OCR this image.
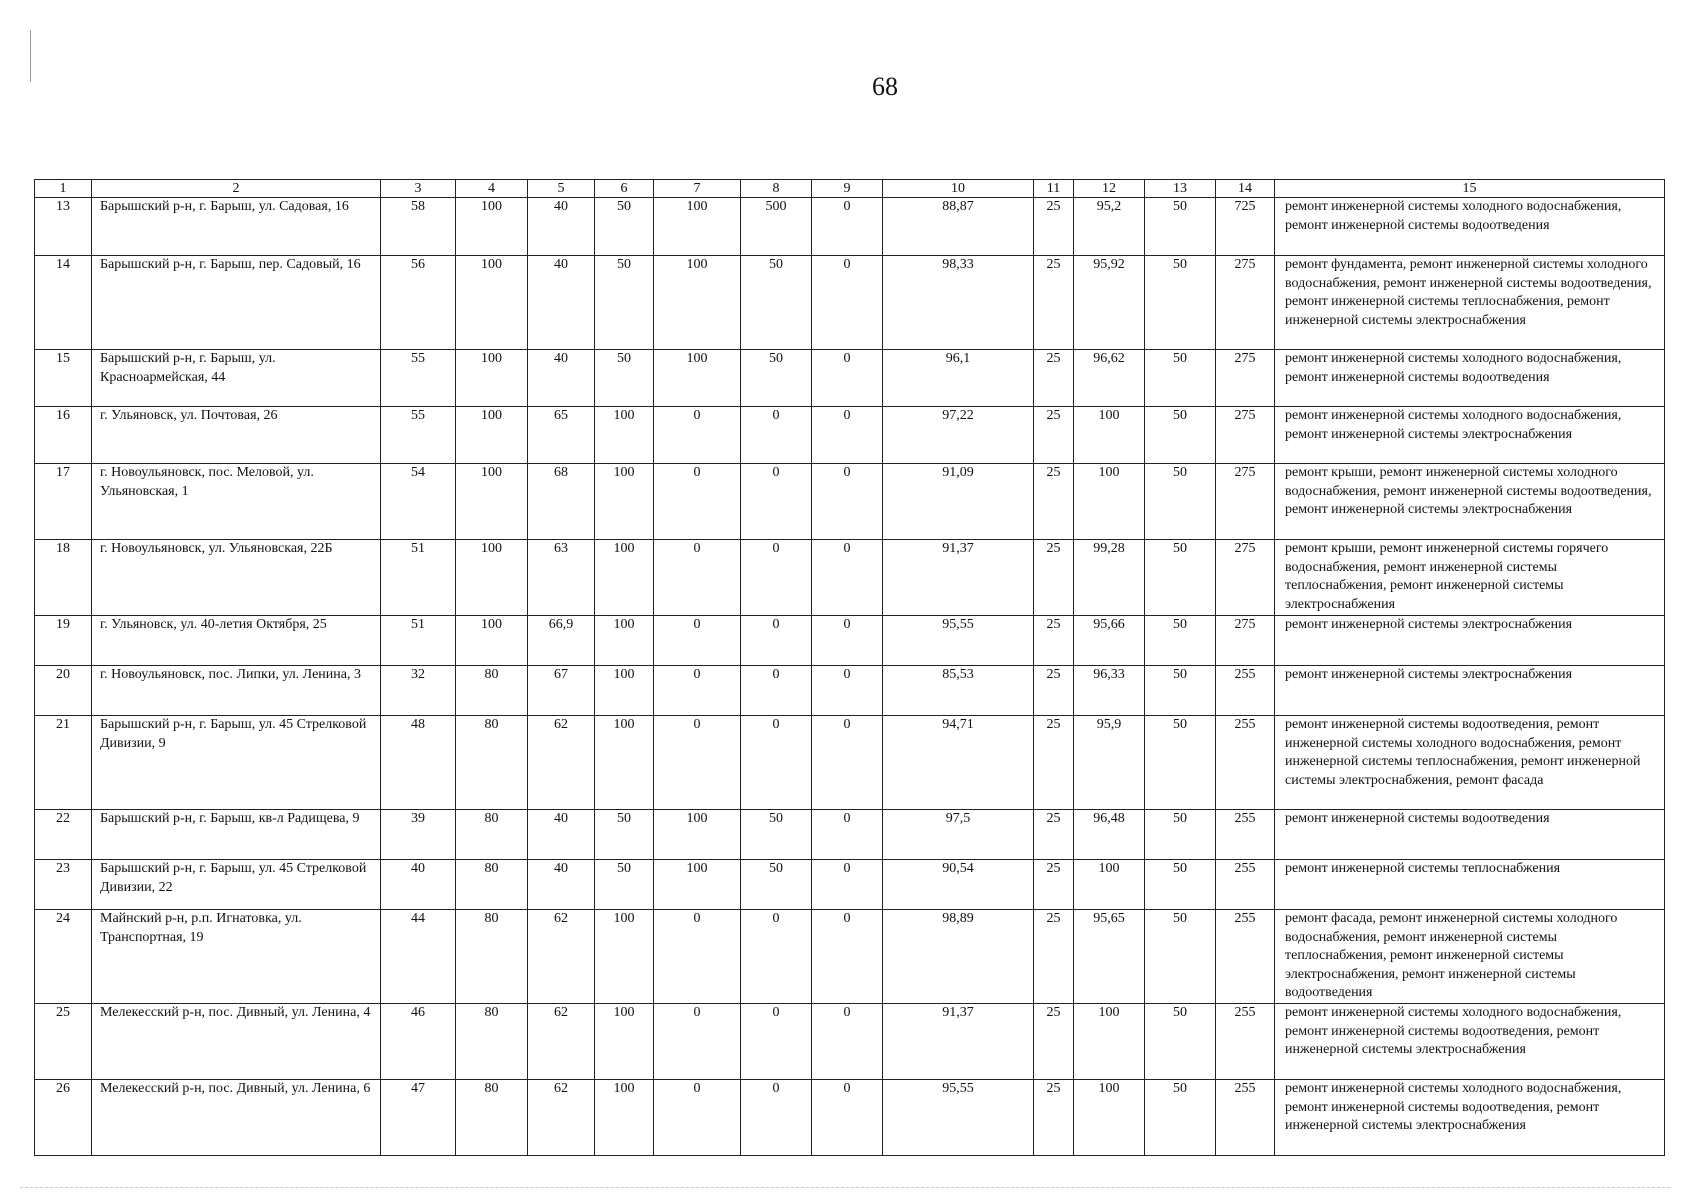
68
1	2	3	4	5	6	7	8	9	10	11	12	13	14	15
13	Барышский р-н, г. Барыш, ул. Садовая, 16	58	100	40	50	100	500	0	88,87	25	95,2	50	725	ремонт инженерной системы холодного водоснабжения, ремонт инженерной системы водоотведения
14	Барышский р-н, г. Барыш, пер. Садовый, 16	56	100	40	50	100	50	0	98,33	25	95,92	50	275	ремонт фундамента, ремонт инженерной системы холодного водоснабжения, ремонт инженерной системы водоотведения, ремонт инженерной системы теплоснабжения, ремонт инженерной системы электроснабжения
15	Барышский р-н, г. Барыш, ул. Красноармейская, 44	55	100	40	50	100	50	0	96,1	25	96,62	50	275	ремонт инженерной системы холодного водоснабжения, ремонт инженерной системы водоотведения
16	г. Ульяновск, ул. Почтовая, 26	55	100	65	100	0	0	0	97,22	25	100	50	275	ремонт инженерной системы холодного водоснабжения, ремонт инженерной системы электроснабжения
17	г. Новоульяновск, пос. Меловой, ул. Ульяновская, 1	54	100	68	100	0	0	0	91,09	25	100	50	275	ремонт крыши, ремонт инженерной системы холодного водоснабжения, ремонт инженерной системы водоотведения, ремонт инженерной системы электроснабжения
18	г. Новоульяновск, ул. Ульяновская, 22Б	51	100	63	100	0	0	0	91,37	25	99,28	50	275	ремонт крыши, ремонт инженерной системы горячего водоснабжения, ремонт инженерной системы теплоснабжения, ремонт инженерной системы электроснабжения
19	г. Ульяновск, ул. 40-летия Октября, 25	51	100	66,9	100	0	0	0	95,55	25	95,66	50	275	ремонт инженерной системы электроснабжения
20	г. Новоульяновск, пос. Липки, ул. Ленина, 3	32	80	67	100	0	0	0	85,53	25	96,33	50	255	ремонт инженерной системы электроснабжения
21	Барышский р-н, г. Барыш, ул. 45 Стрелковой Дивизии, 9	48	80	62	100	0	0	0	94,71	25	95,9	50	255	ремонт инженерной системы водоотведения, ремонт инженерной системы холодного водоснабжения, ремонт инженерной системы теплоснабжения, ремонт инженерной системы электроснабжения, ремонт фасада
22	Барышский р-н, г. Барыш, кв-л Радищева, 9	39	80	40	50	100	50	0	97,5	25	96,48	50	255	ремонт инженерной системы водоотведения
23	Барышский р-н, г. Барыш, ул. 45 Стрелковой Дивизии, 22	40	80	40	50	100	50	0	90,54	25	100	50	255	ремонт инженерной системы теплоснабжения
24	Майнский р-н, р.п. Игнатовка, ул. Транспортная, 19	44	80	62	100	0	0	0	98,89	25	95,65	50	255	ремонт фасада, ремонт инженерной системы холодного водоснабжения, ремонт инженерной системы теплоснабжения, ремонт инженерной системы электроснабжения, ремонт инженерной системы водоотведения
25	Мелекесский р-н, пос. Дивный, ул. Ленина, 4	46	80	62	100	0	0	0	91,37	25	100	50	255	ремонт инженерной системы холодного водоснабжения, ремонт инженерной системы водоотведения, ремонт инженерной системы электроснабжения
26	Мелекесский р-н, пос. Дивный, ул. Ленина, 6	47	80	62	100	0	0	0	95,55	25	100	50	255	ремонт инженерной системы холодного водоснабжения, ремонт инженерной системы водоотведения, ремонт инженерной системы электроснабжения
